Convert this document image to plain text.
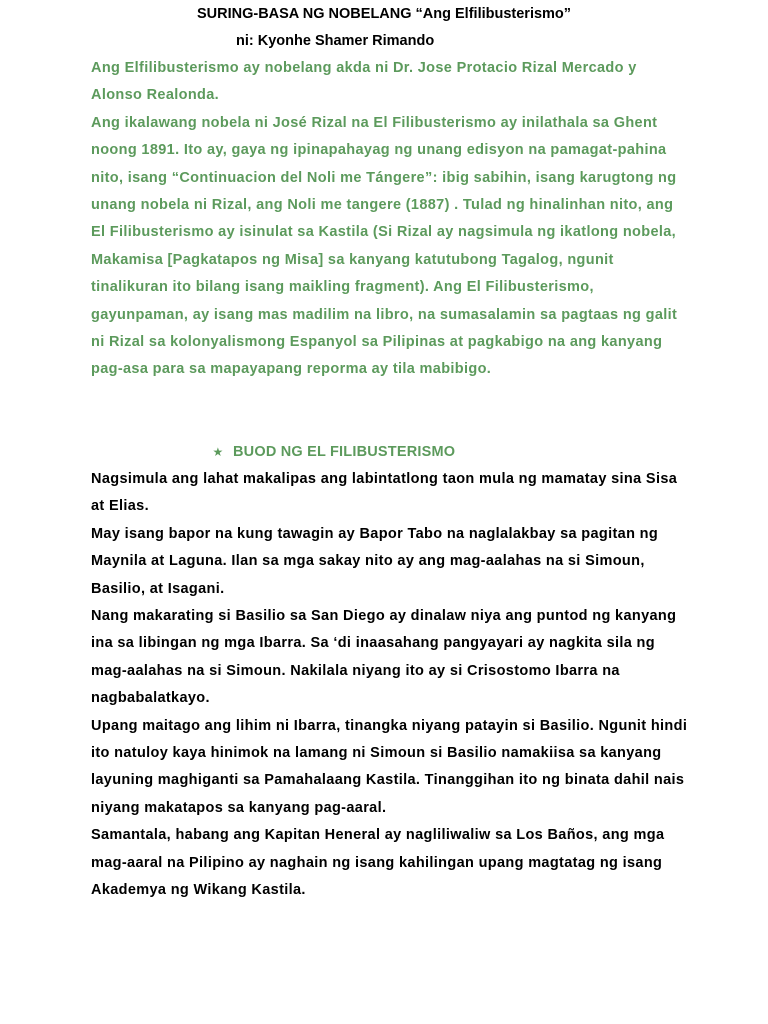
SURING-BASA NG NOBELANG “Ang Elfilibusterismo”
ni: Kyonhe Shamer Rimando

Ang Elfilibusterismo ay nobelang akda ni Dr. Jose Protacio Rizal Mercado y Alonso Realonda.

Ang ikalawang nobela ni José Rizal na El Filibusterismo ay inilathala sa Ghent noong 1891. Ito ay, gaya ng ipinapahayag ng unang edisyon na pamagat-pahina nito, isang “Continuacion del Noli me Tángere”: ibig sabihin, isang karugtong ng unang nobela ni Rizal, ang Noli me tangere (1887) . Tulad ng hinalinhan nito, ang El Filibusterismo ay isinulat sa Kastila (Si Rizal ay nagsimula ng ikatlong nobela, Makamisa [Pagkatapos ng Misa] sa kanyang katutubong Tagalog, ngunit tinalikuran ito bilang isang maikling fragment). Ang El Filibusterismo, gayunpaman, ay isang mas madilim na libro, na sumasalamin sa pagtaas ng galit ni Rizal sa kolonyalismong Espanyol sa Pilipinas at pagkabigo na ang kanyang pag-asa para sa mapayapang reporma ay tila mabibigo.

★ BUOD NG EL FILIBUSTERISMO

Nagsimula ang lahat makalipas ang labintatlong taon mula ng mamatay sina Sisa at Elias.

May isang bapor na kung tawagin ay Bapor Tabo na naglalakbay sa pagitan ng Maynila at Laguna. Ilan sa mga sakay nito ay ang mag-aalahas na si Simoun, Basilio, at Isagani.

Nang makarating si Basilio sa San Diego ay dinalaw niya ang puntod ng kanyang ina sa libingan ng mga Ibarra. Sa ‘di inaasahang pangyayari ay nagkita sila ng mag-aalahas na si Simoun. Nakilala niyang ito ay si Crisostomo Ibarra na nagbabalatkayo.

Upang maitago ang lihim ni Ibarra, tinangka niyang patayin si Basilio. Ngunit hindi ito natuloy kaya hinimok na lamang ni Simoun si Basilio namakiisa sa kanyang layuning maghiganti sa Pamahalaang Kastila. Tinanggihan ito ng binata dahil nais niyang makatapos sa kanyang pag-aaral.

Samantala, habang ang Kapitan Heneral ay nagliliwaliw sa Los Baños, ang mga mag-aaral na Pilipino ay naghain ng isang kahilingan upang magtatag ng isang Akademya ng Wikang Kastila.
